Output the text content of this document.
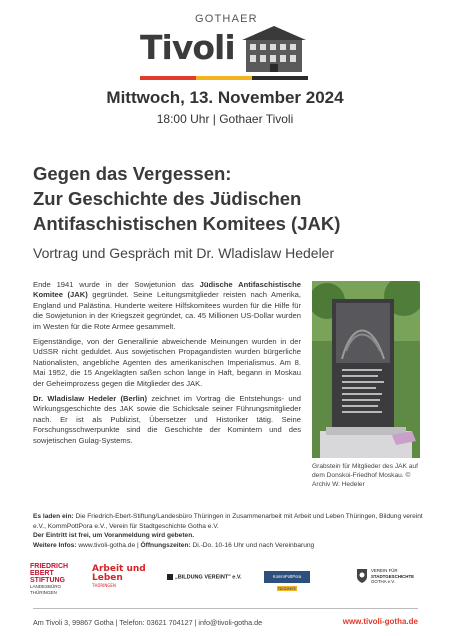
GOTHAER
Tivoli
Mittwoch, 13. November 2024
18:00 Uhr | Gothaer Tivoli
Gegen das Vergessen:
Zur Geschichte des Jüdischen
Antifaschistischen Komitees (JAK)
Vortrag und Gespräch mit Dr. Wladislaw Hedeler

Ende 1941 wurde in der Sowjetunion das Jüdische Antifaschistische Komitee (JAK) gegründet. Seine Leitungsmitglieder reisten nach Amerika, England und Palästina. Hunderte weitere Hilfskomitees wurden für die Hilfe für die Sowjetunion in der Kriegszeit gegründet, ca. 45 Millionen US-Dollar wurden im Westen für die Rote Armee gesammelt.

Eigenständige, von der Generallinie abweichende Meinungen wurden in der UdSSR nicht geduldet. Aus sowjetischen Propagandisten wurden bürgerliche Nationalisten, angebliche Agenten des amerikanischen Imperialismus. Am 8. Mai 1952, die 15 Angeklagten saßen schon lange in Haft, begann in Moskau der Geheimprozess gegen die Mitglieder des JAK.

Dr. Wladislaw Hedeler (Berlin) zeichnet im Vortrag die Entstehungs- und Wirkungsgeschichte des JAK sowie die Schicksale seiner Führungsmitglieder nach. Er ist als Publizist, Übersetzer und Historiker tätig. Seine Forschungsschwerpunkte sind die Geschichte der Komintern und des sowjetischen Gulag-Systems.

Grabstein für Mitglieder des JAK auf dem Donskoi-Friedhof Moskau. © Archiv W. Hedeler
Es laden ein: Die Friedrich-Ebert-Stiftung/Landesbüro Thüringen in Zusammenarbeit mit Arbeit und Leben Thüringen, Bildung vereint e.V., KommPottPora e.V., Verein für Stadtgeschichte Gotha e.V.
Der Eintritt ist frei, um Voranmeldung wird gebeten.
Weitere Infos: www.tivoli-gotha.de | Öffnungszeiten: Di.-Do. 10-16 Uhr und nach Vereinbarung
FRIEDRICH
EBERT
STIFTUNG
LANDESBÜRO
THÜRINGEN
Arbeit und
Leben
THÜRINGEN
„BILDUNG VEREINT" e.V.	KommPottPora Netzwerk
VEREIN FÜR
STADTGESCHICHTE
GOTHA e.V.
Am Tivoli 3, 99867 Gotha | Telefon: 03621 704127 | info@tivoli-gotha.de	www.tivoli-gotha.de
